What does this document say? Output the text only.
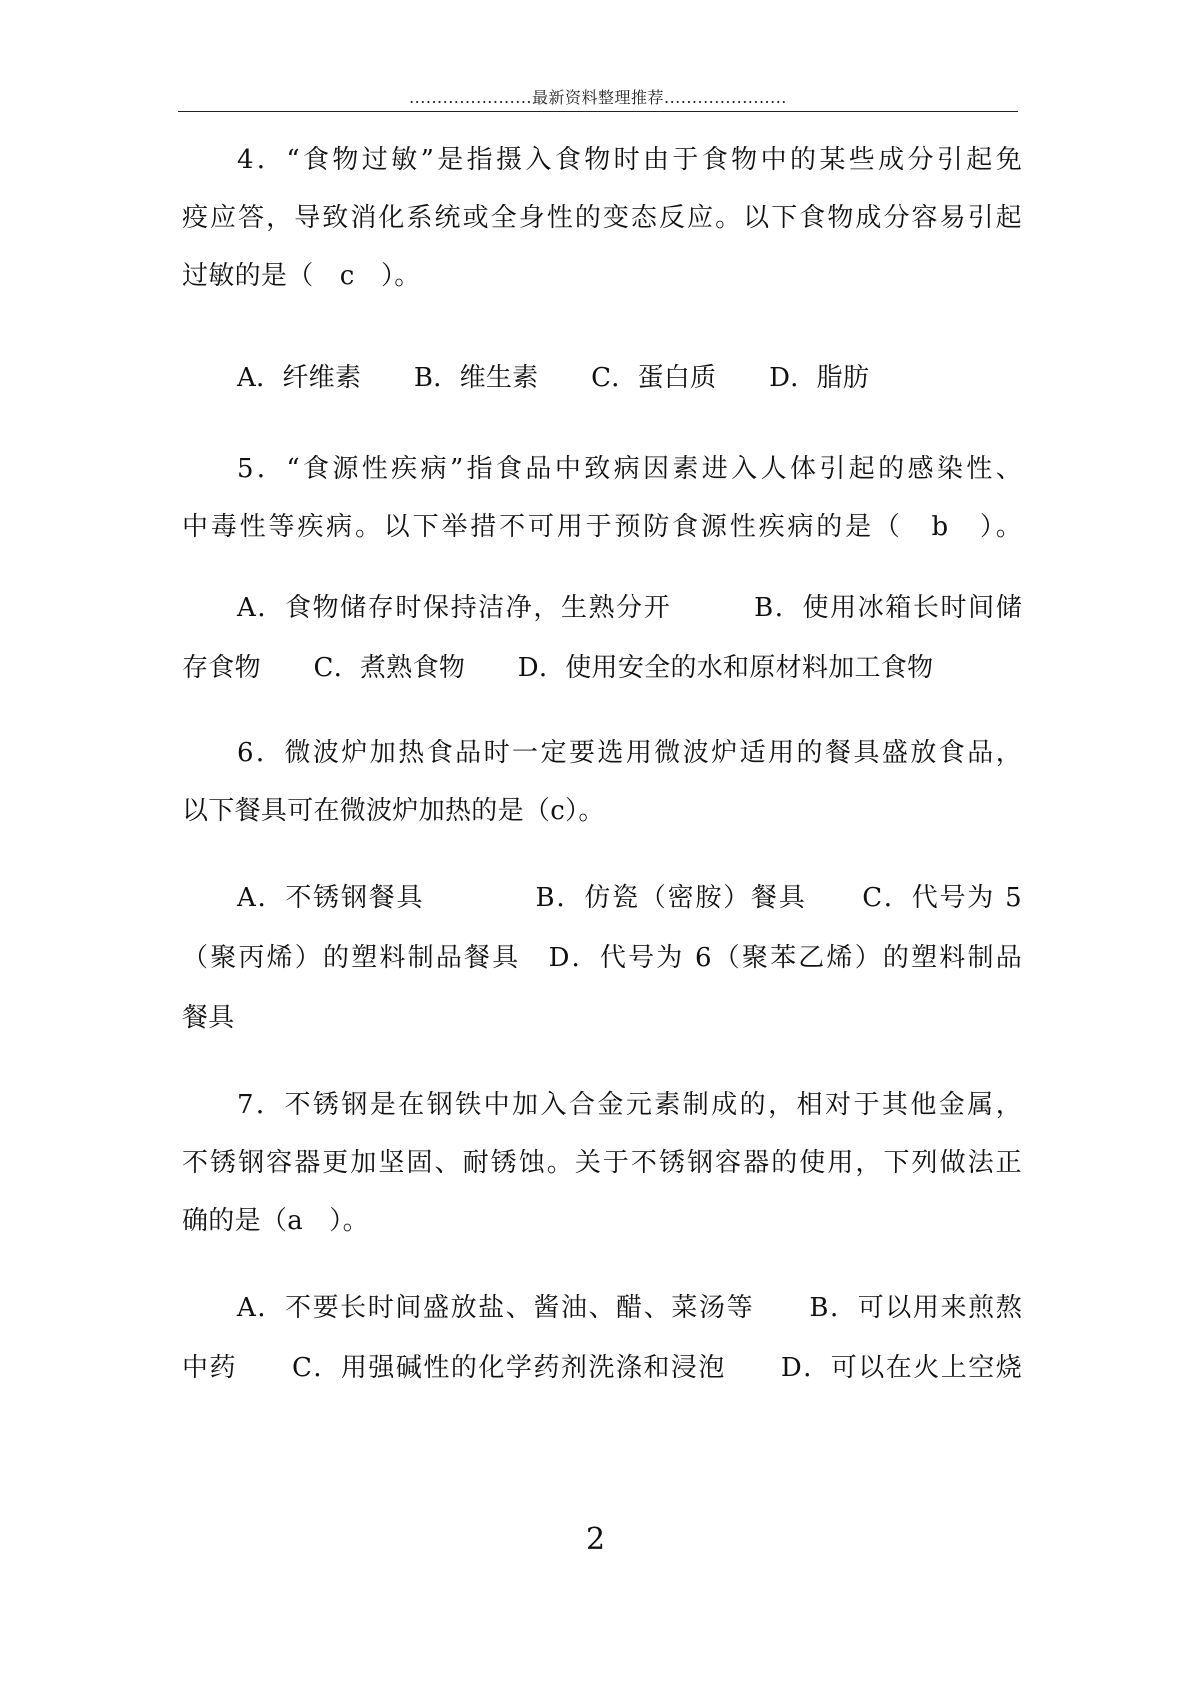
......................最新资料整理推荐......................
4．“食物过敏”是指摄入食物时由于食物中的某些成分引起免
疫应答，导致消化系统或全身性的变态反应。以下食物成分容易引起
过敏的是（　c　）。
A．纤维素　　B．维生素　　C．蛋白质　　D．脂肪
5．“食源性疾病”指食品中致病因素进入人体引起的感染性、
中毒性等疾病。以下举措不可用于预防食源性疾病的是（　b　）。
A．食物储存时保持洁净，生熟分开　　　B．使用冰箱长时间储
存食物　　C．煮熟食物　　D．使用安全的水和原材料加工食物
6．微波炉加热食品时一定要选用微波炉适用的餐具盛放食品，
以下餐具可在微波炉加热的是（c）。
A．不锈钢餐具　　　　B．仿瓷（密胺）餐具　　C．代号为 5
（聚丙烯）的塑料制品餐具　D．代号为 6（聚苯乙烯）的塑料制品
餐具
7．不锈钢是在钢铁中加入合金元素制成的，相对于其他金属，
不锈钢容器更加坚固、耐锈蚀。关于不锈钢容器的使用，下列做法正
确的是（a　）。
A．不要长时间盛放盐、酱油、醋、菜汤等　　B．可以用来煎熬
中药　　C．用强碱性的化学药剂洗涤和浸泡　　D．可以在火上空烧
2
